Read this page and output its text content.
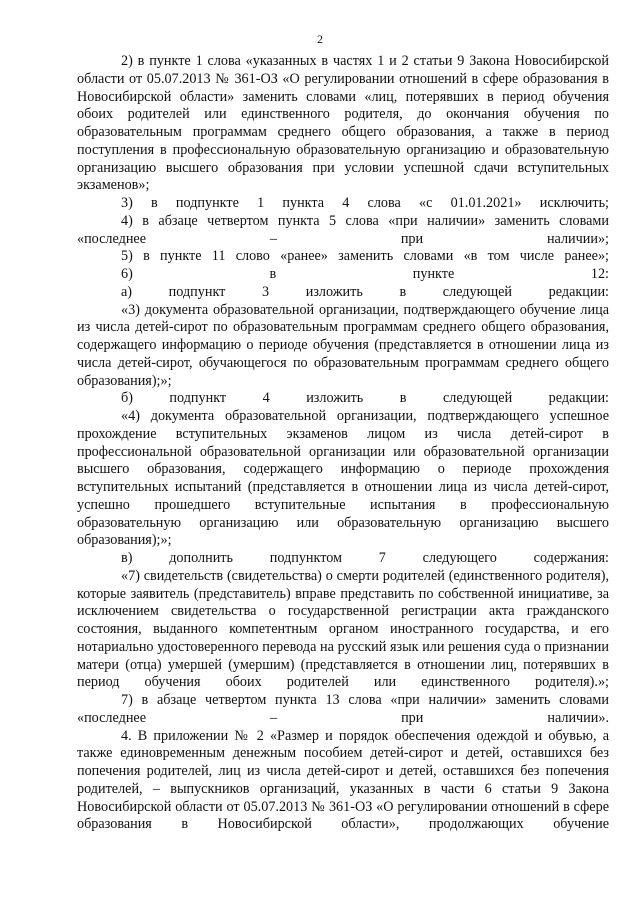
2

2) в пункте 1 слова «указанных в частях 1 и 2 статьи 9 Закона Новосибирской области от 05.07.2013 № 361-ОЗ «О регулировании отношений в сфере образования в Новосибирской области» заменить словами «лиц, потерявших в период обучения обоих родителей или единственного родителя, до окончания обучения по образовательным программам среднего общего образования, а также в период поступления в профессиональную образовательную организацию и образовательную организацию высшего образования при условии успешной сдачи вступительных экзаменов»;

3) в подпункте 1 пункта 4 слова «с 01.01.2021» исключить;

4) в абзаце четвертом пункта 5 слова «при наличии» заменить словами «последнее – при наличии»;

5) в пункте 11 слово «ранее» заменить словами «в том числе ранее»;

6) в пункте 12:

а) подпункт 3 изложить в следующей редакции:

«3) документа образовательной организации, подтверждающего обучение лица из числа детей-сирот по образовательным программам среднего общего образования, содержащего информацию о периоде обучения (представляется в отношении лица из числа детей-сирот, обучающегося по образовательным программам среднего общего образования);»;

б) подпункт 4 изложить в следующей редакции:

«4) документа образовательной организации, подтверждающего успешное прохождение вступительных экзаменов лицом из числа детей-сирот в профессиональной образовательной организации или образовательной организации высшего образования, содержащего информацию о периоде прохождения вступительных испытаний (представляется в отношении лица из числа детей-сирот, успешно прошедшего вступительные испытания в профессиональную образовательную организацию или образовательную организацию высшего образования);»;

в) дополнить подпунктом 7 следующего содержания:

«7) свидетельств (свидетельства) о смерти родителей (единственного родителя), которые заявитель (представитель) вправе представить по собственной инициативе, за исключением свидетельства о государственной регистрации акта гражданского состояния, выданного компетентным органом иностранного государства, и его нотариально удостоверенного перевода на русский язык или решения суда о признании матери (отца) умершей (умершим) (представляется в отношении лиц, потерявших в период обучения обоих родителей или единственного родителя).»;

7) в абзаце четвертом пункта 13 слова «при наличии» заменить словами «последнее – при наличии».

4. В приложении № 2 «Размер и порядок обеспечения одеждой и обувью, а также единовременным денежным пособием детей-сирот и детей, оставшихся без попечения родителей, лиц из числа детей-сирот и детей, оставшихся без попечения родителей, – выпускников организаций, указанных в части 6 статьи 9 Закона Новосибирской области от 05.07.2013 № 361-ОЗ «О регулировании отношений в сфере образования в Новосибирской области», продолжающих обучение
